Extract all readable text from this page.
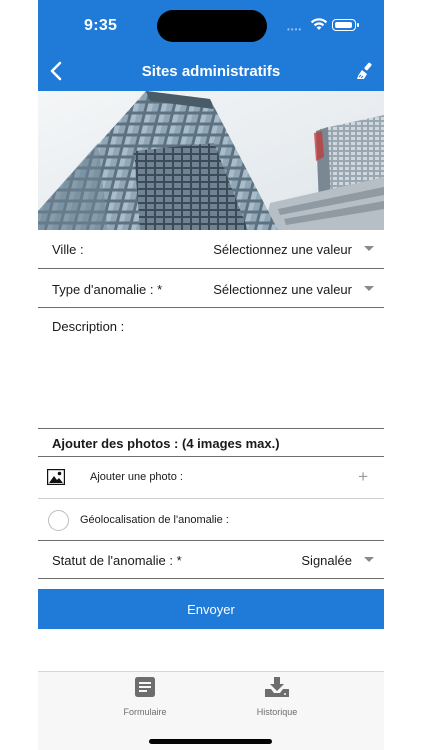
9:35	••••
Sites administratifs
Ville :	Sélectionnez une valeur
Type d'anomalie : *	Sélectionnez une valeur
Description :
Ajouter des photos : (4 images max.)
Ajouter une photo :	+
Géolocalisation de l'anomalie :
Statut de l'anomalie : *	Signalée
Envoyer
Formulaire	Historique
